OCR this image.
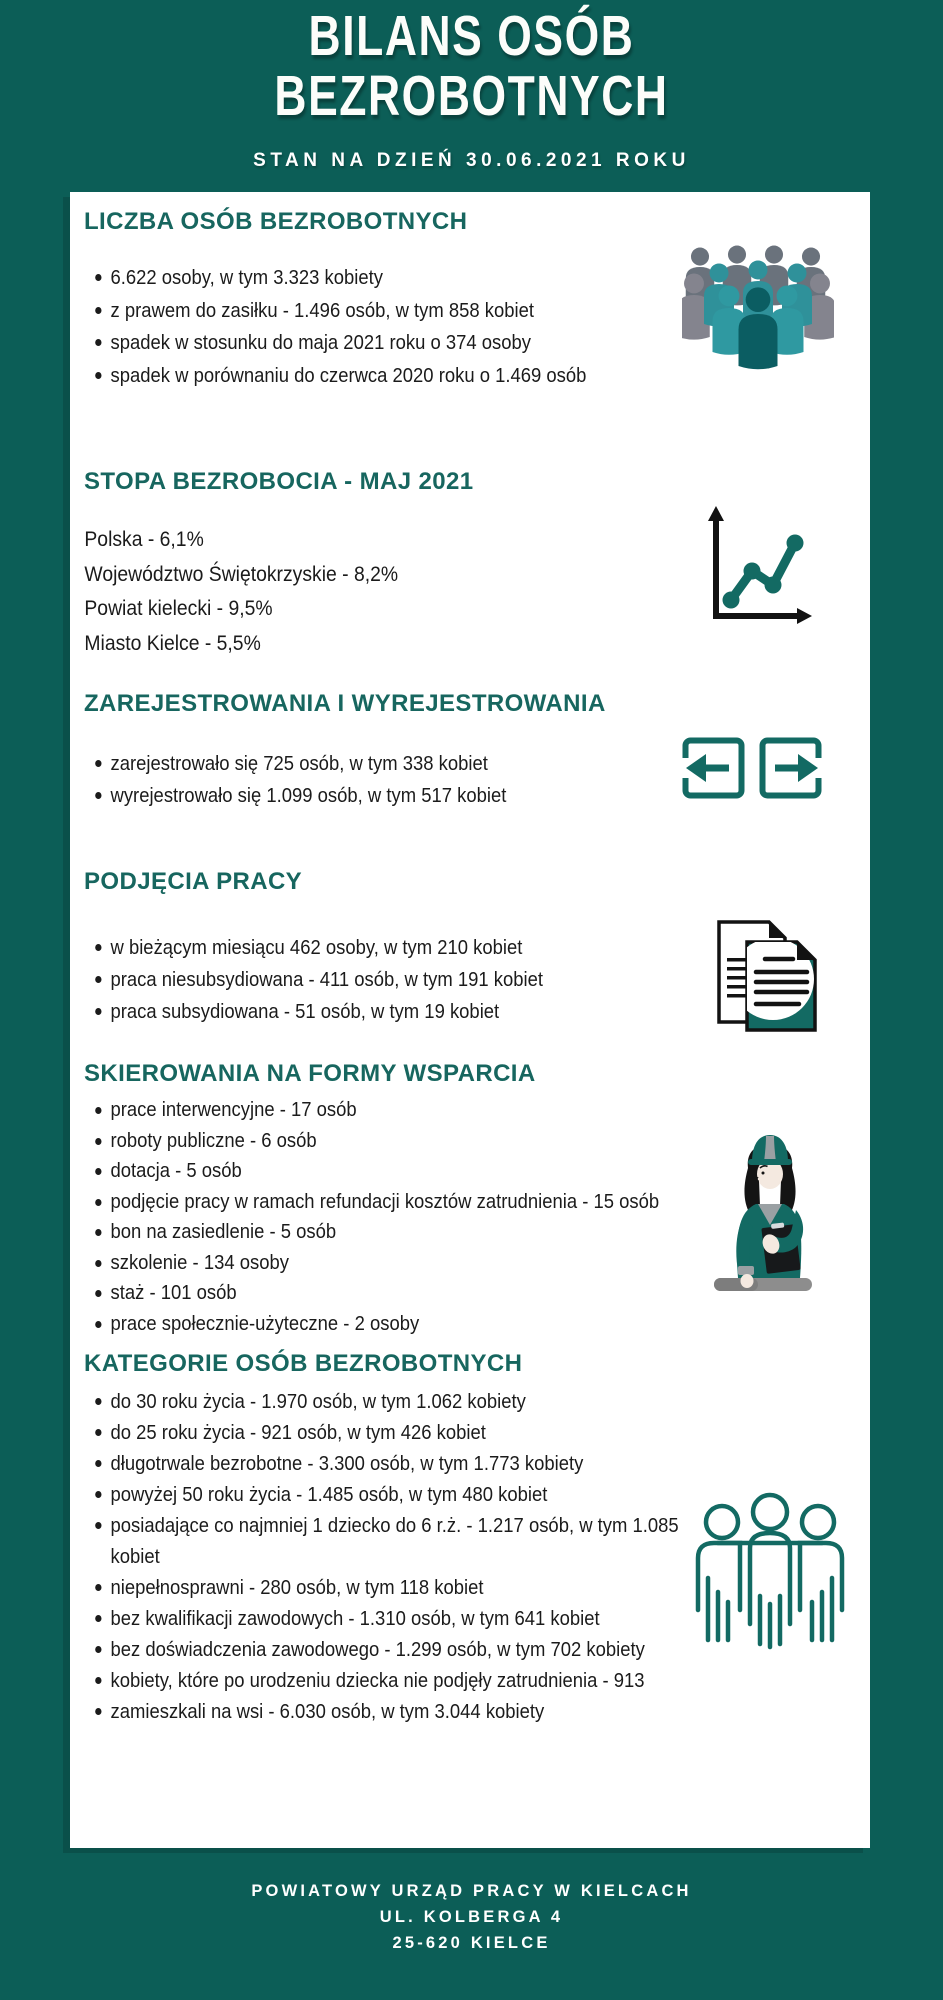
BILANS OSÓB
BEZROBOTNYCH
STAN NA DZIEŃ 30.06.2021 ROKU
LICZBA OSÓB BEZROBOTNYCH
6.622 osoby, w tym 3.323 kobiety
z prawem do zasiłku - 1.496 osób, w tym 858 kobiet
spadek w stosunku do maja 2021 roku o 374 osoby
spadek w porównaniu do czerwca 2020 roku o 1.469 osób
STOPA BEZROBOCIA - MAJ 2021
Polska - 6,1%
Województwo Świętokrzyskie - 8,2%
Powiat kielecki - 9,5%
Miasto Kielce - 5,5%
ZAREJESTROWANIA I WYREJESTROWANIA
zarejestrowało się 725 osób, w tym 338 kobiet
wyrejestrowało się 1.099 osób, w tym 517 kobiet
PODJĘCIA PRACY
w bieżącym miesiącu 462 osoby, w tym 210 kobiet
praca niesubsydiowana - 411 osób, w tym 191 kobiet
praca subsydiowana - 51 osób, w tym 19 kobiet
SKIEROWANIA NA FORMY WSPARCIA
prace interwencyjne - 17 osób
roboty publiczne - 6 osób
dotacja - 5 osób
podjęcie pracy w ramach refundacji kosztów zatrudnienia - 15 osób
bon na zasiedlenie - 5 osób
szkolenie - 134 osoby
staż - 101 osób
prace społecznie-użyteczne - 2 osoby
KATEGORIE OSÓB BEZROBOTNYCH
do 30 roku życia - 1.970 osób, w tym 1.062 kobiety
do 25 roku życia - 921 osób, w tym 426 kobiet
długotrwale bezrobotne - 3.300 osób, w tym 1.773 kobiety
powyżej 50 roku życia - 1.485 osób, w tym 480 kobiet
posiadające co najmniej 1 dziecko do 6 r.ż. - 1.217 osób, w tym 1.085 kobiet
niepełnosprawni - 280 osób, w tym 118 kobiet
bez kwalifikacji zawodowych - 1.310 osób, w tym 641 kobiet
bez doświadczenia zawodowego - 1.299 osób, w tym 702 kobiety
kobiety, które po urodzeniu dziecka nie podjęły zatrudnienia - 913
zamieszkali na wsi - 6.030 osób, w tym 3.044 kobiety
POWIATOWY URZĄD PRACY W KIELCACH
UL. KOLBERGA 4
25-620 KIELCE
